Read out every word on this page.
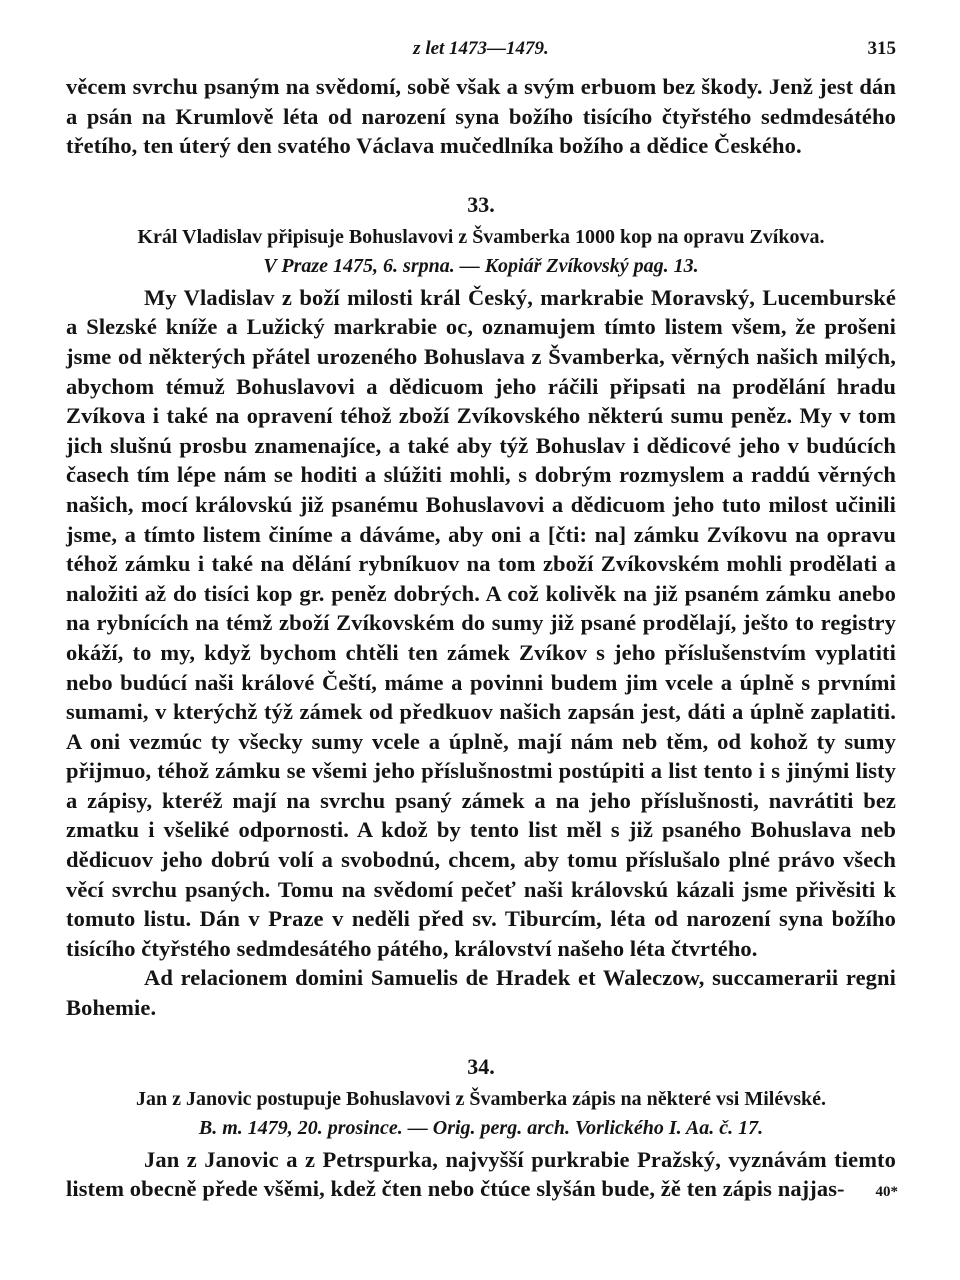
z let 1473—1479.	315

věcem svrchu psaným na svědomí, sobě však a svým erbuom bez škody. Jenž jest dán a psán na Krumlově léta od narození syna božího tisícího čtyřstého sedmdesátého třetího, ten úterý den svatého Václava mučedlníka božího a dědice Českého.

33.

Král Vladislav připisuje Bohuslavovi z Švamberka 1000 kop na opravu Zvíkova.

V Praze 1475, 6. srpna. — Kopiář Zvíkovský pag. 13.

My Vladislav z boží milosti král Český, markrabie Moravský, Lucemburské a Slezské kníže a Lužický markrabie oc, oznamujem tímto listem všem, že prošeni jsme od některých přátel urozeného Bohuslava z Švamberka, věrných našich milých, abychom témuž Bohuslavovi a dědicuom jeho ráčili připsati na prodělání hradu Zvíkova i také na opravení téhož zboží Zvíkovského některú sumu peněz. My v tom jich slušnú prosbu znamenajíce, a také aby týž Bohuslav i dědicové jeho v budúcích časech tím lépe nám se hoditi a slúžiti mohli, s dobrým rozmyslem a raddú věrných našich, mocí královskú již psanému Bohuslavovi a dědicuom jeho tuto milost učinili jsme, a tímto listem činíme a dáváme, aby oni a [čti: na] zámku Zvíkovu na opravu téhož zámku i také na dělání rybníkuov na tom zboží Zvíkovském mohli prodělati a naložiti až do tisíci kop gr. peněz dobrých. A což kolivěk na již psaném zámku anebo na rybnících na témž zboží Zvíkovském do sumy již psané prodělají, ješto to registry okáží, to my, když bychom chtěli ten zámek Zvíkov s jeho příslušenstvím vyplatiti nebo budúcí naši králové Čeští, máme a povinni budem jim vcele a úplně s prvními sumami, v kterýchž týž zámek od předkuov našich zapsán jest, dáti a úplně zaplatiti. A oni vezmúc ty všecky sumy vcele a úplně, mají nám neb těm, od kohož ty sumy přijmuo, téhož zámku se všemi jeho příslušnostmi postúpiti a list tento i s jinými listy a zápisy, kteréž mají na svrchu psaný zámek a na jeho příslušnosti, navrátiti bez zmatku i všeliké odpornosti. A kdož by tento list měl s již psaného Bohuslava neb dědicuov jeho dobrú volí a svobodnú, chcem, aby tomu příslušalo plné právo všech věcí svrchu psaných. Tomu na svědomí pečeť naši královskú kázali jsme přivěsiti k tomuto listu. Dán v Praze v neděli před sv. Tiburcím, léta od narození syna božího tisícího čtyřstého sedmdesátého pátého, království našeho léta čtvrtého.

Ad relacionem domini Samuelis de Hradek et Waleczow, succamerarii regni Bohemie.

34.

Jan z Janovic postupuje Bohuslavovi z Švamberka zápis na některé vsi Milévské.

B. m. 1479, 20. prosince. — Orig. perg. arch. Vorlického I. Aa. č. 17.

Jan z Janovic a z Petrspurka, najvyšší purkrabie Pražský, vyznávám tiemto listem obecně přede všěmi, kdež čten nebo čtúce slyšán bude, žě ten zápis najjas-	40*
